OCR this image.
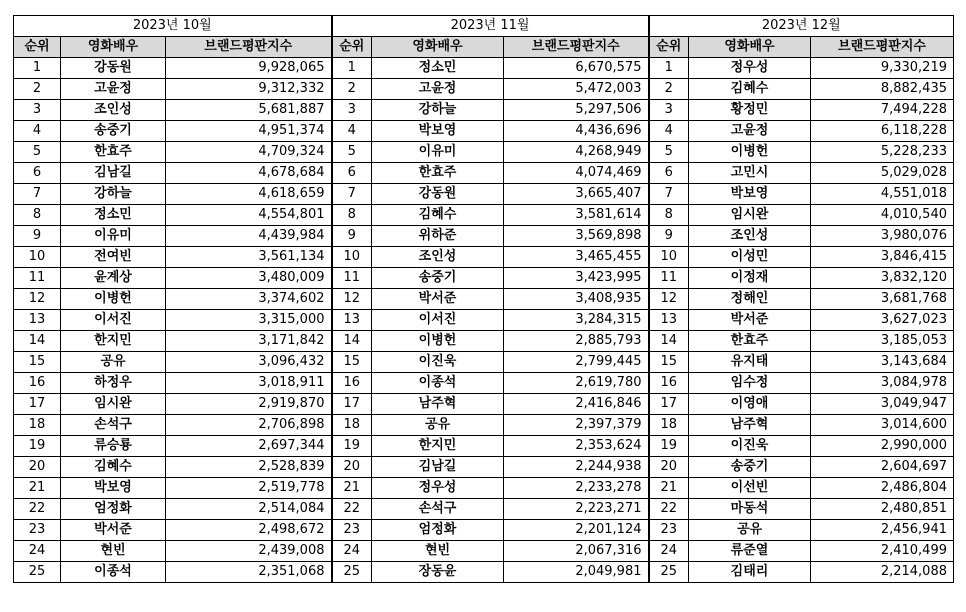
2023년 10월			2023년 11월			2023년 12월		
순위	영화배우	브랜드평판지수	순위	영화배우	브랜드평판지수	순위	영화배우	브랜드평판지수
1	강동원	9,928,065	1	정소민	6,670,575	1	정우성	9,330,219
2	고윤정	9,312,332	2	고윤정	5,472,003	2	김혜수	8,882,435
3	조인성	5,681,887	3	강하늘	5,297,506	3	황정민	7,494,228
4	송중기	4,951,374	4	박보영	4,436,696	4	고윤정	6,118,228
5	한효주	4,709,324	5	이유미	4,268,949	5	이병헌	5,228,233
6	김남길	4,678,684	6	한효주	4,074,469	6	고민시	5,029,028
7	강하늘	4,618,659	7	강동원	3,665,407	7	박보영	4,551,018
8	정소민	4,554,801	8	김혜수	3,581,614	8	임시완	4,010,540
9	이유미	4,439,984	9	위하준	3,569,898	9	조인성	3,980,076
10	전여빈	3,561,134	10	조인성	3,465,455	10	이성민	3,846,415
11	윤계상	3,480,009	11	송중기	3,423,995	11	이정재	3,832,120
12	이병헌	3,374,602	12	박서준	3,408,935	12	정해인	3,681,768
13	이서진	3,315,000	13	이서진	3,284,315	13	박서준	3,627,023
14	한지민	3,171,842	14	이병헌	2,885,793	14	한효주	3,185,053
15	공유	3,096,432	15	이진욱	2,799,445	15	유지태	3,143,684
16	하정우	3,018,911	16	이종석	2,619,780	16	임수정	3,084,978
17	임시완	2,919,870	17	남주혁	2,416,846	17	이영애	3,049,947
18	손석구	2,706,898	18	공유	2,397,379	18	남주혁	3,014,600
19	류승룡	2,697,344	19	한지민	2,353,624	19	이진욱	2,990,000
20	김혜수	2,528,839	20	김남길	2,244,938	20	송중기	2,604,697
21	박보영	2,519,778	21	정우성	2,233,278	21	이선빈	2,486,804
22	엄정화	2,514,084	22	손석구	2,223,271	22	마동석	2,480,851
23	박서준	2,498,672	23	엄정화	2,201,124	23	공유	2,456,941
24	현빈	2,439,008	24	현빈	2,067,316	24	류준열	2,410,499
25	이종석	2,351,068	25	장동윤	2,049,981	25	김태리	2,214,088
